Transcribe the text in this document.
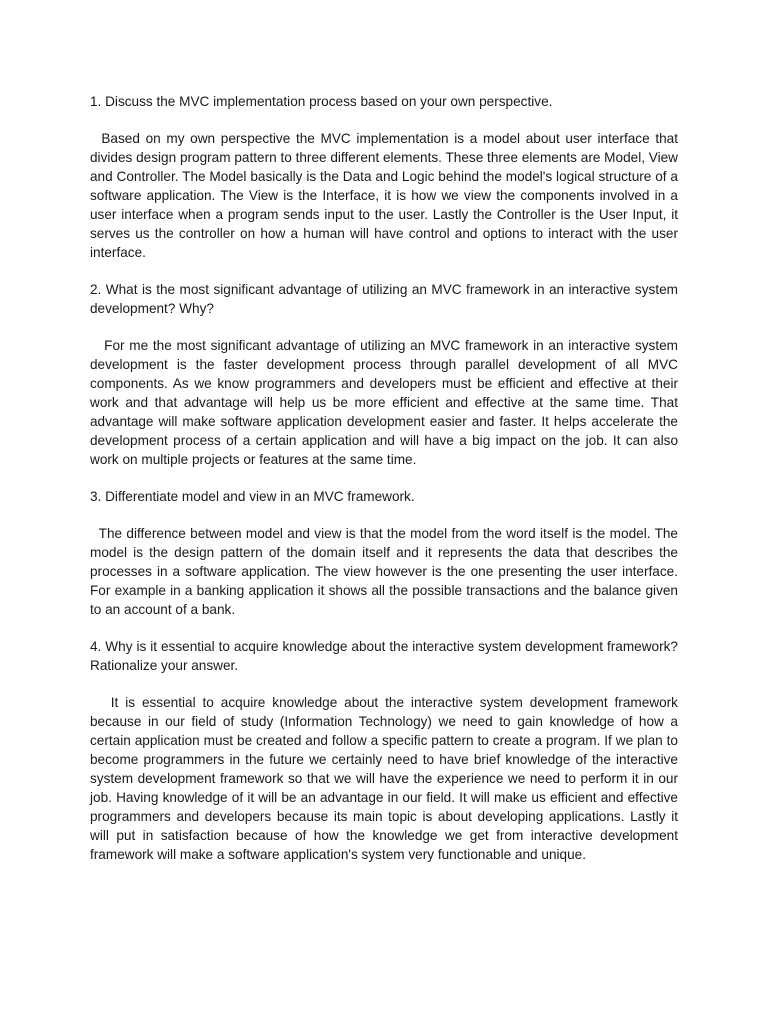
1. Discuss the MVC implementation process based on your own perspective.

Based on my own perspective the MVC implementation is a model about user interface that divides design program pattern to three different elements. These three elements are Model, View and Controller. The Model basically is the Data and Logic behind the model's logical structure of a software application. The View is the Interface, it is how we view the components involved in a user interface when a program sends input to the user. Lastly the Controller is the User Input, it serves us the controller on how a human will have control and options to interact with the user interface.

2. What is the most significant advantage of utilizing an MVC framework in an interactive system development? Why?

For me the most significant advantage of utilizing an MVC framework in an interactive system development is the faster development process through parallel development of all MVC components. As we know programmers and developers must be efficient and effective at their work and that advantage will help us be more efficient and effective at the same time. That advantage will make software application development easier and faster. It helps accelerate the development process of a certain application and will have a big impact on the job. It can also work on multiple projects or features at the same time.

3. Differentiate model and view in an MVC framework.

The difference between model and view is that the model from the word itself is the model. The model is the design pattern of the domain itself and it represents the data that describes the processes in a software application. The view however is the one presenting the user interface. For example in a banking application it shows all the possible transactions and the balance given to an account of a bank.

4. Why is it essential to acquire knowledge about the interactive system development framework? Rationalize your answer.

It is essential to acquire knowledge about the interactive system development framework because in our field of study (Information Technology) we need to gain knowledge of how a certain application must be created and follow a specific pattern to create a program. If we plan to become programmers in the future we certainly need to have brief knowledge of the interactive system development framework so that we will have the experience we need to perform it in our job. Having knowledge of it will be an advantage in our field. It will make us efficient and effective programmers and developers because its main topic is about developing applications. Lastly it will put in satisfaction because of how the knowledge we get from interactive development framework will make a software application's system very functionable and unique.
